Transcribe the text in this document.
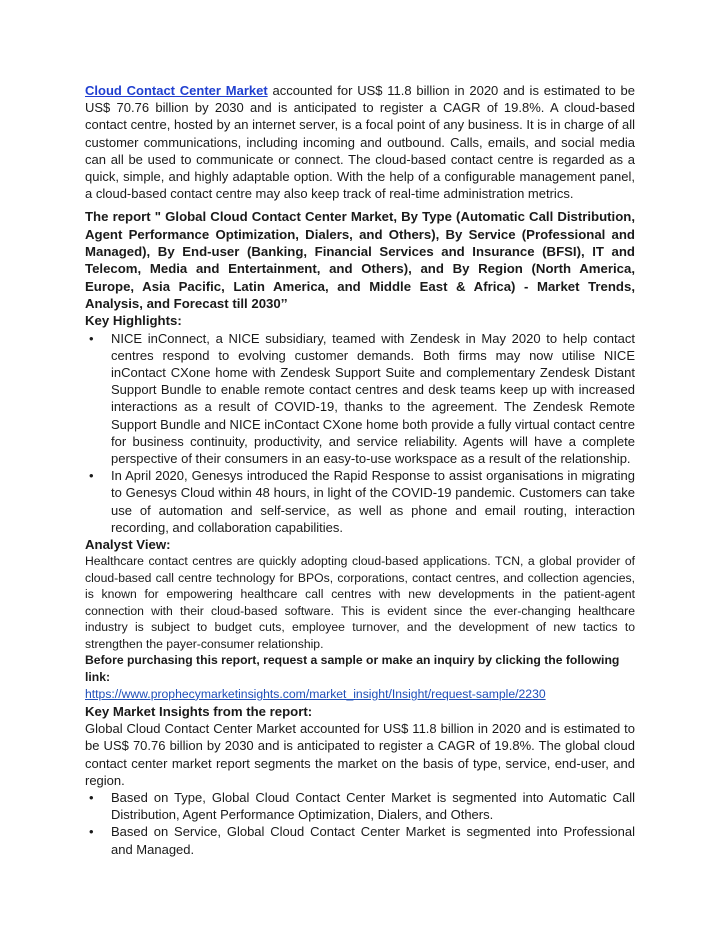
Cloud Contact Center Market accounted for US$ 11.8 billion in 2020 and is estimated to be US$ 70.76 billion by 2030 and is anticipated to register a CAGR of 19.8%. A cloud-based contact centre, hosted by an internet server, is a focal point of any business. It is in charge of all customer communications, including incoming and outbound. Calls, emails, and social media can all be used to communicate or connect. The cloud-based contact centre is regarded as a quick, simple, and highly adaptable option. With the help of a configurable management panel, a cloud-based contact centre may also keep track of real-time administration metrics.

The report " Global Cloud Contact Center Market, By Type (Automatic Call Distribution, Agent Performance Optimization, Dialers, and Others), By Service (Professional and Managed), By End-user (Banking, Financial Services and Insurance (BFSI), IT and Telecom, Media and Entertainment, and Others), and By Region (North America, Europe, Asia Pacific, Latin America, and Middle East & Africa) - Market Trends, Analysis, and Forecast till 2030’’

Key Highlights:

• NICE inConnect, a NICE subsidiary, teamed with Zendesk in May 2020 to help contact centres respond to evolving customer demands. Both firms may now utilise NICE inContact CXone home with Zendesk Support Suite and complementary Zendesk Distant Support Bundle to enable remote contact centres and desk teams keep up with increased interactions as a result of COVID-19, thanks to the agreement. The Zendesk Remote Support Bundle and NICE inContact CXone home both provide a fully virtual contact centre for business continuity, productivity, and service reliability. Agents will have a complete perspective of their consumers in an easy-to-use workspace as a result of the relationship.
• In April 2020, Genesys introduced the Rapid Response to assist organisations in migrating to Genesys Cloud within 48 hours, in light of the COVID-19 pandemic. Customers can take use of automation and self-service, as well as phone and email routing, interaction recording, and collaboration capabilities.

Analyst View:

Healthcare contact centres are quickly adopting cloud-based applications. TCN, a global provider of cloud-based call centre technology for BPOs, corporations, contact centres, and collection agencies, is known for empowering healthcare call centres with new developments in the patient-agent connection with their cloud-based software. This is evident since the ever-changing healthcare industry is subject to budget cuts, employee turnover, and the development of new tactics to strengthen the payer-consumer relationship.

Before purchasing this report, request a sample or make an inquiry by clicking the following link:

https://www.prophecymarketinsights.com/market_insight/Insight/request-sample/2230

Key Market Insights from the report:

Global Cloud Contact Center Market accounted for US$ 11.8 billion in 2020 and is estimated to be US$ 70.76 billion by 2030 and is anticipated to register a CAGR of 19.8%. The global cloud contact center market report segments the market on the basis of type, service, end-user, and region.

• Based on Type, Global Cloud Contact Center Market is segmented into Automatic Call Distribution, Agent Performance Optimization, Dialers, and Others.
• Based on Service, Global Cloud Contact Center Market is segmented into Professional and Managed.
